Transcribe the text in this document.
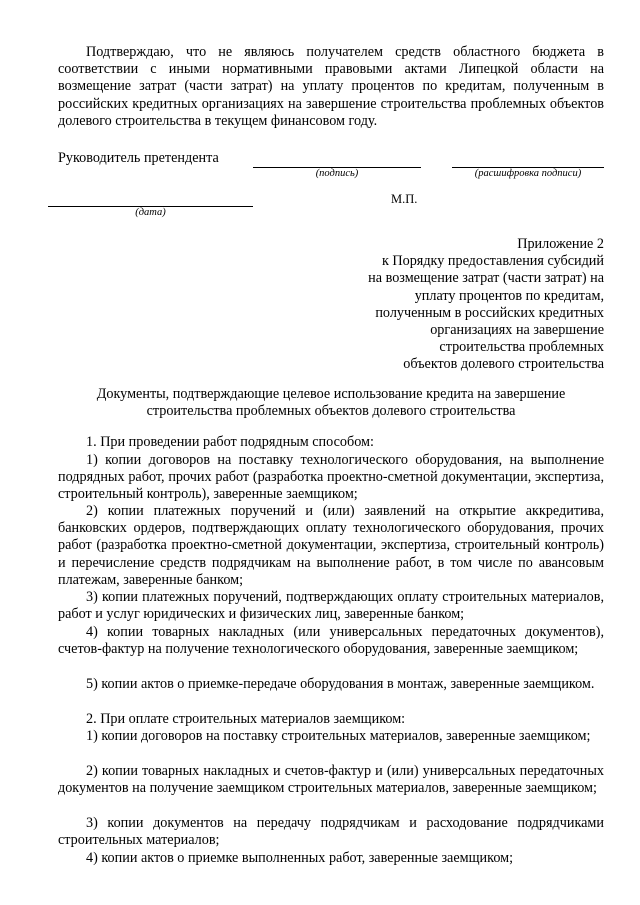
Подтверждаю, что не являюсь получателем средств областного бюджета в соответствии с иными нормативными правовыми актами Липецкой области на возмещение затрат (части затрат) на уплату процентов по кредитам, полученным в российских кредитных организациях на завершение строительства проблемных объектов долевого строительства в текущем финансовом году.
Руководитель претендента
(подпись)	(расшифровка подписи)
(дата)
М.П.
Приложение 2
к Порядку предоставления субсидий
на возмещение затрат (части затрат) на
уплату процентов по кредитам,
полученным в российских кредитных
организациях на завершение
строительства проблемных
объектов долевого строительства
Документы, подтверждающие целевое использование кредита на завершение
строительства проблемных объектов долевого строительства
1. При проведении работ подрядным способом:
1) копии договоров на поставку технологического оборудования, на выполнение подрядных работ, прочих работ (разработка проектно-сметной документации, экспертиза, строительный контроль), заверенные заемщиком;
2) копии платежных поручений и (или) заявлений на открытие аккредитива, банковских ордеров, подтверждающих оплату технологического оборудования, прочих работ (разработка проектно-сметной документации, экспертиза, строительный контроль) и перечисление средств подрядчикам на выполнение работ, в том числе по авансовым платежам, заверенные банком;
3) копии платежных поручений, подтверждающих оплату строительных материалов, работ и услуг юридических и физических лиц, заверенные банком;
4) копии товарных накладных (или универсальных передаточных документов), счетов-фактур на получение технологического оборудования, заверенные заемщиком;
5) копии актов о приемке-передаче оборудования в монтаж, заверенные заемщиком.
2. При оплате строительных материалов заемщиком:
1) копии договоров на поставку строительных материалов, заверенные заемщиком;
2) копии товарных накладных и счетов-фактур и (или) универсальных передаточных документов на получение заемщиком строительных материалов, заверенные заемщиком;
3) копии документов на передачу подрядчикам и расходование подрядчиками строительных материалов;
4) копии актов о приемке выполненных работ, заверенные заемщиком;
